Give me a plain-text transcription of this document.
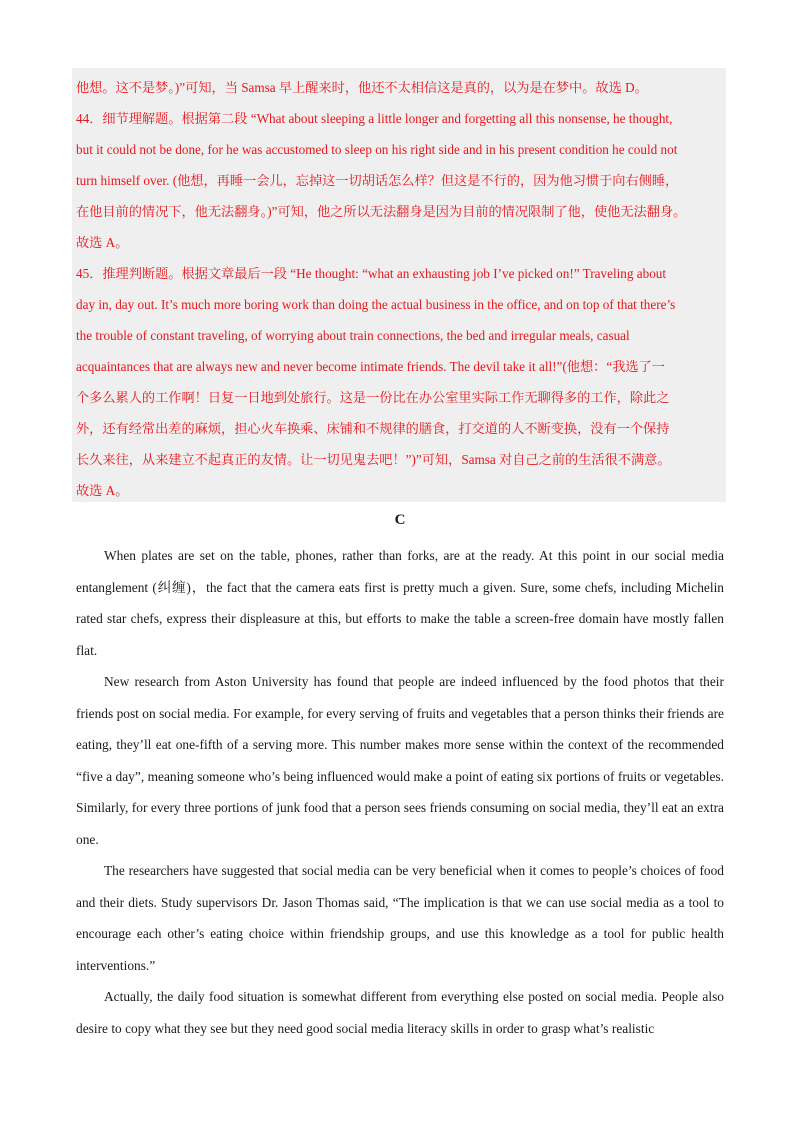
他想。这不是梦。)”可知，当 Samsa 早上醒来时，他还不太相信这是真的，以为是在梦中。故选 D。
44．细节理解题。根据第二段 “What about sleeping a little longer and forgetting all this nonsense, he thought,
but it could not be done, for he was accustomed to sleep on his right side and in his present condition he could not
turn himself over. (他想，再睡一会儿，忘掉这一切胡话怎么样？但这是不行的，因为他习惯于向右侧睡，
在他目前的情况下，他无法翻身。)”可知，他之所以无法翻身是因为目前的情况限制了他，使他无法翻身。
故选 A。
45．推理判断题。根据文章最后一段 “He thought: “what an exhausting job I’ve picked on!” Traveling about
day in, day out. It’s much more boring work than doing the actual business in the office, and on top of that there’s
the trouble of constant traveling, of worrying about train connections, the bed and irregular meals, casual
acquaintances that are always new and never become intimate friends. The devil take it all!”(他想：“我选了一
个多么累人的工作啊！日复一日地到处旅行。这是一份比在办公室里实际工作无聊得多的工作，除此之
外，还有经常出差的麻烦，担心火车换乘、床铺和不规律的膳食，打交道的人不断变换，没有一个保持
长久来往，从来建立不起真正的友情。让一切见鬼去吧！”)”可知，Samsa 对自己之前的生活很不满意。
故选 A。
C

When plates are set on the table, phones, rather than forks, are at the ready. At this point in our social media entanglement (纠缠)，the fact that the camera eats first is pretty much a given. Sure, some chefs, including Michelin rated star chefs, express their displeasure at this, but efforts to make the table a screen-free domain have mostly fallen flat.

New research from Aston University has found that people are indeed influenced by the food photos that their friends post on social media. For example, for every serving of fruits and vegetables that a person thinks their friends are eating, they’ll eat one-fifth of a serving more. This number makes more sense within the context of the recommended “five a day”, meaning someone who’s being influenced would make a point of eating six portions of fruits or vegetables. Similarly, for every three portions of junk food that a person sees friends consuming on social media, they’ll eat an extra one.

The researchers have suggested that social media can be very beneficial when it comes to people’s choices of food and their diets. Study supervisors Dr. Jason Thomas said, “The implication is that we can use social media as a tool to encourage each other’s eating choice within friendship groups, and use this knowledge as a tool for public health interventions.”

Actually, the daily food situation is somewhat different from everything else posted on social media. People also desire to copy what they see but they need good social media literacy skills in order to grasp what’s realistic
